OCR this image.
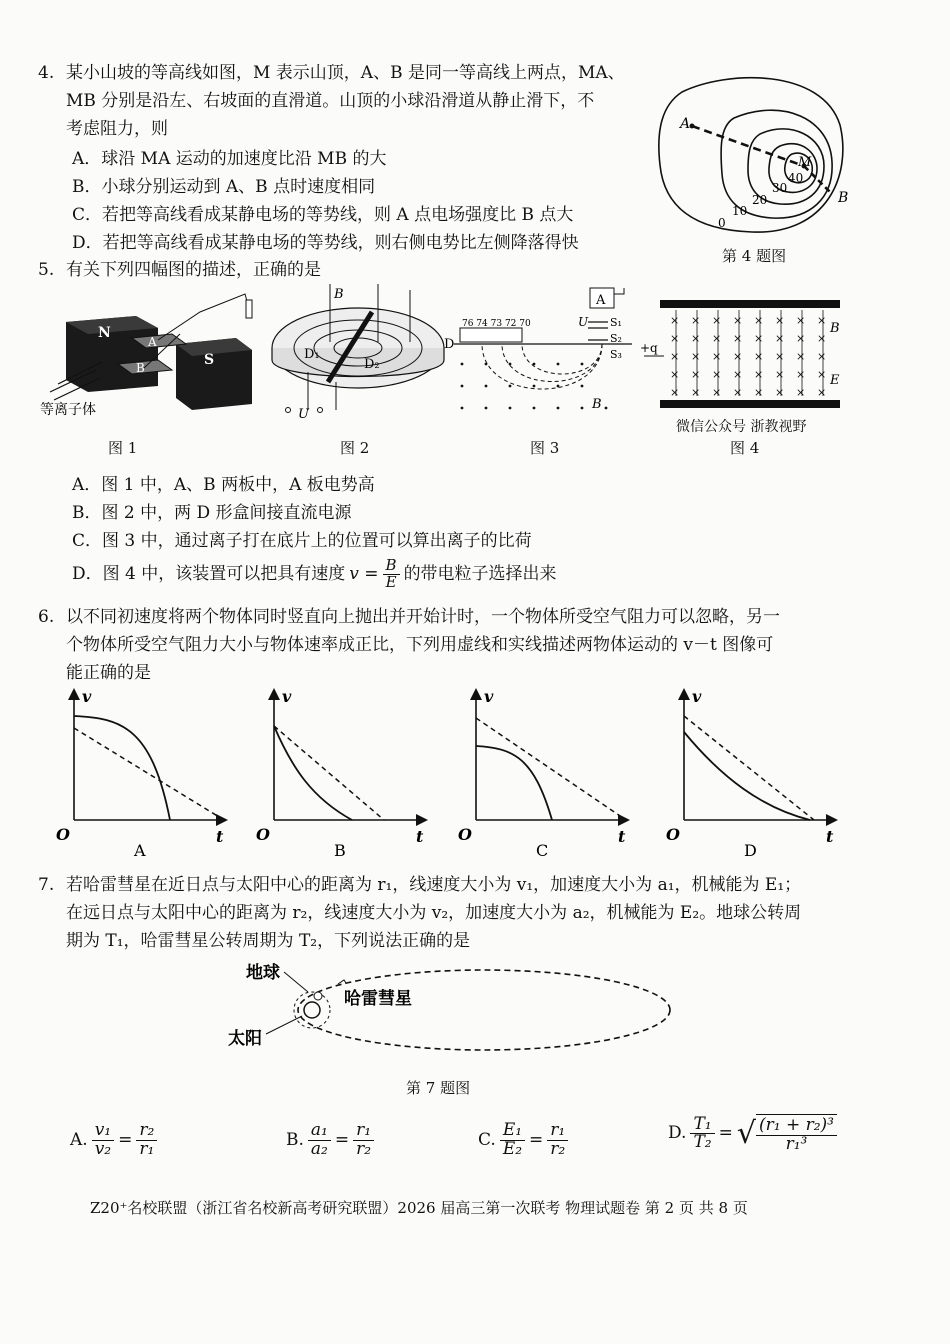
4. 某小山坡的等高线如图，M 表示山顶，A、B 是同一等高线上两点，MA、
MB 分别是沿左、右坡面的直滑道。山顶的小球沿滑道从静止滑下，不
考虑阻力，则
A．球沿 MA 运动的加速度比沿 MB 的大
B．小球分别运动到 A、B 点时速度相同
C．若把等高线看成某静电场的等势线，则 A 点电场强度比 B 点大
D．若把等高线看成某静电场的等势线，则右侧电势比左侧降落得快
A
B
M
0
10
20
30
40
第 4 题图
5. 有关下列四幅图的描述，正确的是
N
S
A
B
等离子体
图 1
B
D₁
D₂
U
图 2
A
U S₁
S₂
S₃
76 74 73 72 70
D
B
图 3
×
×
×
×
×
×
×
×
×
×
×
×
×
×
×
×
×
×
×
×
×
×
×
×
×
×
×
×
×
×
×
×
×
×
×
×
×
×
×
×
+q
B
E
微信公众号 浙教视野
图 4
A．图 1 中，A、B 两板中，A 板电势高
B．图 2 中，两 D 形盒间接直流电源
C．图 3 中，通过离子打在底片上的位置可以算出离子的比荷
D．图 4 中，该装置可以把具有速度 $v = \frac{B}{E}$ 的带电粒子选择出来
6. 以不同初速度将两个物体同时竖直向上抛出并开始计时，一个物体所受空气阻力可以忽略，另一
个物体所受空气阻力大小与物体速率成正比，下列用虚线和实线描述两物体运动的 v－t 图像可
能正确的是
v
t
O
A
v
t
O
B
v
t
O
C
v
t
O
D
7. 若哈雷彗星在近日点与太阳中心的距离为 r₁，线速度大小为 v₁，加速度大小为 a₁，机械能为 E₁；
在远日点与太阳中心的距离为 r₂，线速度大小为 v₂，加速度大小为 a₂，机械能为 E₂。地球公转周
期为 T₁，哈雷彗星公转周期为 T₂，下列说法正确的是
地球
哈雷彗星
太阳
第 7 题图
A. $\frac{\text{v₁}}{\text{v₂}} = \frac{\text{r₂}}{\text{r₁}}$	B. $\frac{\text{a₁}}{\text{a₂}} = \frac{\text{r₁}}{\text{r₂}}$	C. $\frac{\text{E₁}}{\text{E₂}} = \frac{\text{r₁}}{\text{r₂}}$	D. $\frac{\text{T₁}}{\text{T₂}}$ = √ $\frac{\text{(r₁ + r₂)³}}{\text{r₁³}}$
Z20⁺名校联盟（浙江省名校新高考研究联盟）2026 届高三第一次联考 物理试题卷 第 2 页 共 8 页
